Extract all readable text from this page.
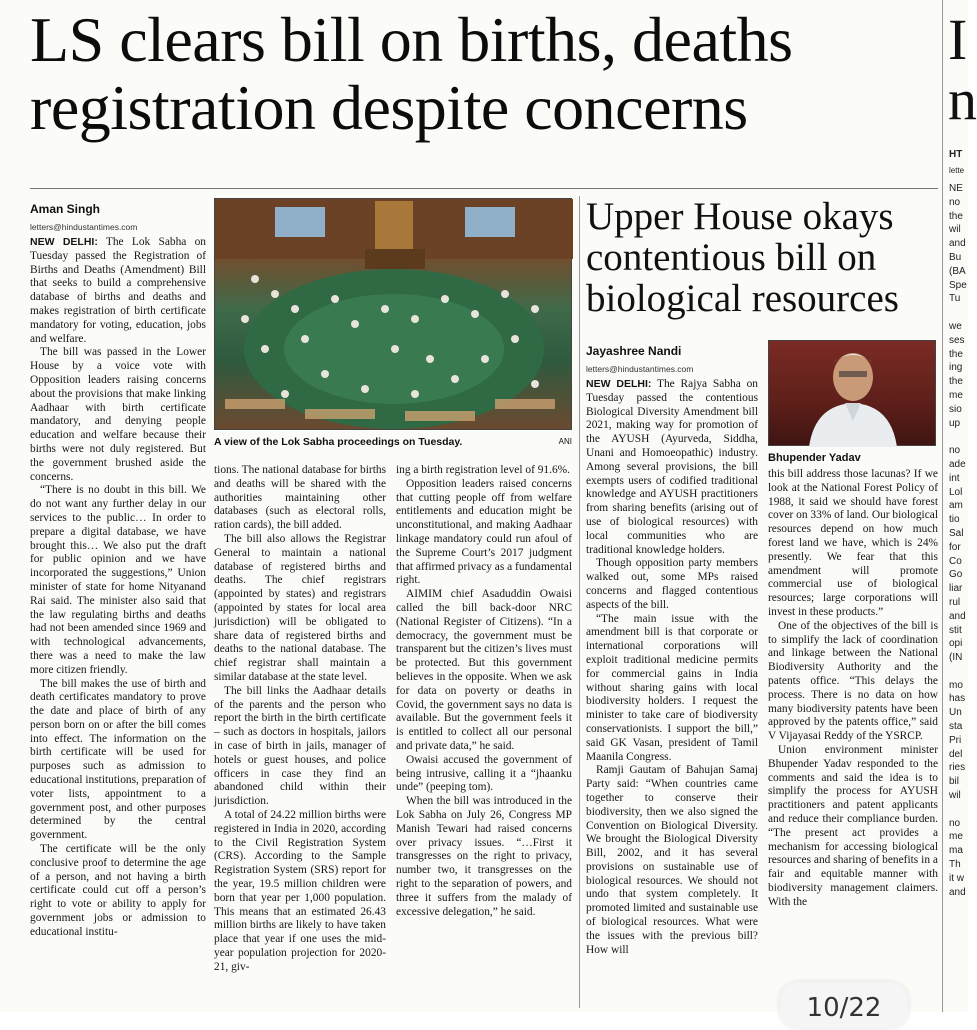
LS clears bill on births, deaths
registration despite concerns
Aman Singh
letters@hindustantimes.com

NEW DELHI: The Lok Sabha on Tuesday passed the Registration of Births and Deaths (Amendment) Bill that seeks to build a comprehensive database of births and deaths and makes registration of birth certificate mandatory for voting, education, jobs and welfare.

The bill was passed in the Lower House by a voice vote with Opposition leaders raising concerns about the provisions that make linking Aadhaar with birth certificate mandatory, and denying people education and welfare because their births were not duly registered. But the government brushed aside the concerns.

“There is no doubt in this bill. We do not want any further delay in our services to the public… In order to prepare a digital database, we have brought this… We also put the draft for public opinion and we have incorporated the suggestions,” Union minister of state for home Nityanand Rai said. The minister also said that the law regulating births and deaths had not been amended since 1969 and with technological advancements, there was a need to make the law more citizen friendly.

The bill makes the use of birth and death certificates mandatory to prove the date and place of birth of any person born on or after the bill comes into effect. The information on the birth certificate will be used for purposes such as admission to educational institutions, preparation of voter lists, appointment to a government post, and other purposes determined by the central government.

The certificate will be the only conclusive proof to determine the age of a person, and not having a birth certificate could cut off a person’s right to vote or ability to apply for government jobs or admission to educational institu-

A view of the Lok Sabha proceedings on Tuesday.	ANI

tions. The national database for births and deaths will be shared with the authorities maintaining other databases (such as electoral rolls, ration cards), the bill added.

The bill also allows the Registrar General to maintain a national database of registered births and deaths. The chief registrars (appointed by states) and registrars (appointed by states for local area jurisdiction) will be obligated to share data of registered births and deaths to the national database. The chief registrar shall maintain a similar database at the state level.

The bill links the Aadhaar details of the parents and the person who report the birth in the birth certificate – such as doctors in hospitals, jailors in case of birth in jails, manager of hotels or guest houses, and police officers in case they find an abandoned child within their jurisdiction.

A total of 24.22 million births were registered in India in 2020, according to the Civil Registration System (CRS). According to the Sample Registration System (SRS) report for the year, 19.5 million children were born that year per 1,000 population. This means that an estimated 26.43 million births are likely to have taken place that year if one uses the mid-year population projection for 2020-21, giv-

ing a birth registration level of 91.6%.

Opposition leaders raised concerns that cutting people off from welfare entitlements and education might be unconstitutional, and making Aadhaar linkage mandatory could run afoul of the Supreme Court’s 2017 judgment that affirmed privacy as a fundamental right.

AIMIM chief Asaduddin Owaisi called the bill back-door NRC (National Register of Citizens). “In a democracy, the government must be transparent but the citizen’s lives must be protected. But this government believes in the opposite. When we ask for data on poverty or deaths in Covid, the government says no data is available. But the government feels it is entitled to collect all our personal and private data,” he said.

Owaisi accused the government of being intrusive, calling it a “jhaanku unde” (peeping tom).

When the bill was introduced in the Lok Sabha on July 26, Congress MP Manish Tewari had raised concerns over privacy issues. “…First it transgresses on the right to privacy, number two, it transgresses on the right to the separation of powers, and three it suffers from the malady of excessive delegation,” he said.

Upper House okays
contentious bill on
biological resources
Jayashree Nandi
letters@hindustantimes.com
Bhupender Yadav

NEW DELHI: The Rajya Sabha on Tuesday passed the contentious Biological Diversity Amendment bill 2021, making way for promotion of the AYUSH (Ayurveda, Siddha, Unani and Homoeopathic) industry. Among several provisions, the bill exempts users of codified traditional knowledge and AYUSH practitioners from sharing benefits (arising out of use of biological resources) with local communities who are traditional knowledge holders.

Though opposition party members walked out, some MPs raised concerns and flagged contentious aspects of the bill.

“The main issue with the amendment bill is that corporate or international corporations will exploit traditional medicine permits for commercial gains in India without sharing gains with local biodiversity holders. I request the minister to take care of biodiversity conservationists. I support the bill,” said GK Vasan, president of Tamil Maanila Congress.

Ramji Gautam of Bahujan Samaj Party said: “When countries came together to conserve their biodiversity, then we also signed the Convention on Biological Diversity. We brought the Biological Diversity Bill, 2002, and it has several provisions on sustainable use of biological resources. We should not undo that system completely. It promoted limited and sustainable use of biological resources. What were the issues with the previous bill? How will

this bill address those lacunas? If we look at the National Forest Policy of 1988, it said we should have forest cover on 33% of land. Our biological resources depend on how much forest land we have, which is 24% presently. We fear that this amendment will promote commercial use of biological resources; large corporations will invest in these products.”

One of the objectives of the bill is to simplify the lack of coordination and linkage between the National Biodiversity Authority and the patents office. “This delays the process. There is no data on how many biodiversity patents have been approved by the patents office,” said V Vijayasai Reddy of the YSRCP.

Union environment minister Bhupender Yadav responded to the comments and said the idea is to simplify the process for AYUSH practitioners and patent applicants and reduce their compliance burden. “The present act provides a mechanism for accessing biological resources and sharing of benefits in a fair and equitable manner with biodiversity management claimers. With the

I
n
HT
lette
NE
no
the
wil
and
Bu
(BA
Spe
Tu
we
ses
the
ing
the
me
sio
up
no
ade
int
Lol
am
tio
Sal
for
Co
Go
liar
rul
and
stit
opi
(IN
mo
has
Un
sta
Pri
del
ries
bil
wil
no
me
ma
Th
it w
and
10/22
